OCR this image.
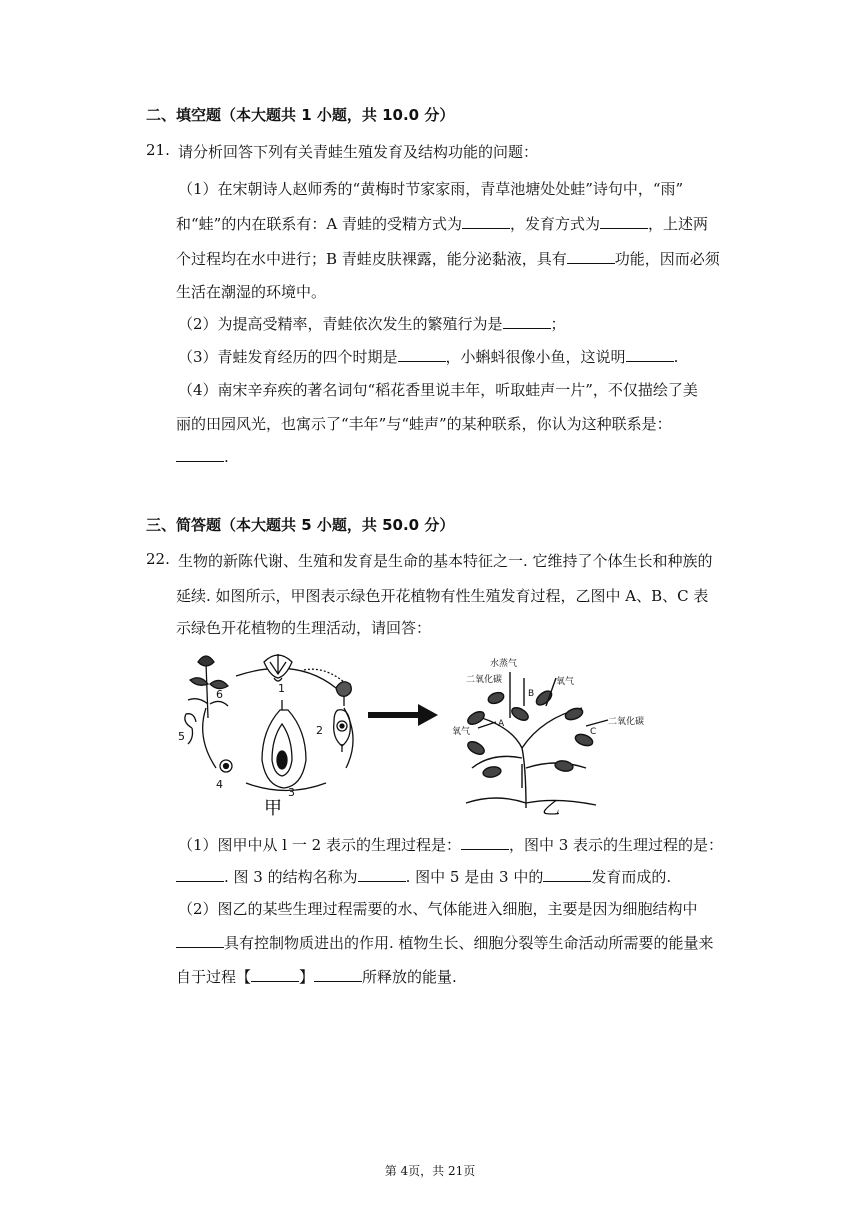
二、填空题（本大题共 1 小题，共 10.0 分）
21. 请分析回答下列有关青蛙生殖发育及结构功能的问题：
（1）在宋朝诗人赵师秀的“黄梅时节家家雨，青草池塘处处蛙”诗句中，“雨”
和“蛙”的内在联系有：A 青蛙的受精方式为	，发育方式为	，上述两
个过程均在水中进行；B 青蛙皮肤裸露，能分泌黏液，具有	功能，因而必须
生活在潮湿的环境中。
（2）为提高受精率，青蛙依次发生的繁殖行为是	；
（3）青蛙发育经历的四个时期是	，小蝌蚪很像小鱼，这说明	.
（4）南宋辛弃疾的著名词句“稻花香里说丰年，听取蛙声一片”，不仅描绘了美
丽的田园风光，也寓示了“丰年”与“蛙声”的某种联系，你认为这种联系是：
.
三、简答题（本大题共 5 小题，共 50.0 分）
22. 生物的新陈代谢、生殖和发育是生命的基本特征之一. 它维持了个体生长和种族的
延续. 如图所示，甲图表示绿色开花植物有性生殖发育过程，乙图中 A、B、C 表
示绿色开花植物的生理活动，请回答：
1
2
3
4
5
6
甲
水蒸气
二氧化碳	氧气
氧气
二氧化碳
A
B
C
乙
（1）图甲中从 l 一 2 表示的生理过程是：	，图中 3 表示的生理过程的是：
. 图 3 的结构名称为	. 图中 5 是由 3 中的	发育而成的.
（2）图乙的某些生理过程需要的水、气体能进入细胞，主要是因为细胞结构中
具有控制物质进出的作用. 植物生长、细胞分裂等生命活动所需要的能量来
自于过程【	】	所释放的能量.
第 4页，共 21页
